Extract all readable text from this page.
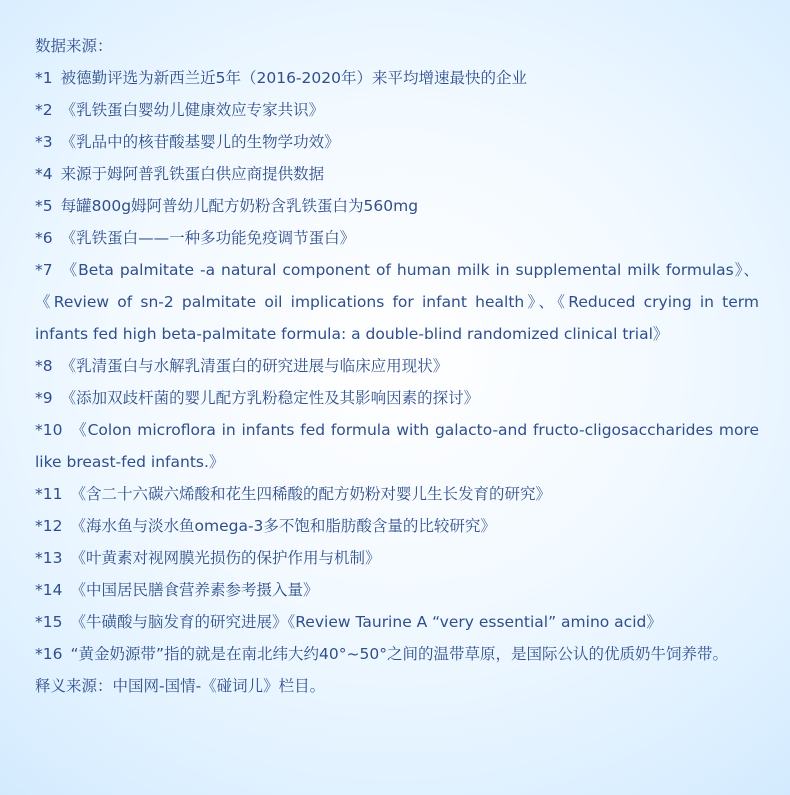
数据来源：
*1 被德勤评选为新西兰近5年（2016-2020年）来平均增速最快的企业
*2 《乳铁蛋白婴幼儿健康效应专家共识》
*3 《乳品中的核苷酸基婴儿的生物学功效》
*4 来源于姆阿普乳铁蛋白供应商提供数据
*5 每罐800g姆阿普幼儿配方奶粉含乳铁蛋白为560mg
*6 《乳铁蛋白——一种多功能免疫调节蛋白》
*7 《Beta palmitate -a natural component of human milk in supplemental milk formulas》、《Review of sn-2 palmitate oil implications for infant health》、《Reduced crying in term infants fed high beta-palmitate formula: a double-blind randomized clinical trial》
*8 《乳清蛋白与水解乳清蛋白的研究进展与临床应用现状》
*9 《添加双歧杆菌的婴儿配方乳粉稳定性及其影响因素的探讨》
*10 《Colon microflora in infants fed formula with galacto-and fructo-cligosaccharides more like breast-fed infants.》
*11 《含二十六碳六烯酸和花生四稀酸的配方奶粉对婴儿生长发育的研究》
*12 《海水鱼与淡水鱼omega-3多不饱和脂肪酸含量的比较研究》
*13 《叶黄素对视网膜光损伤的保护作用与机制》
*14 《中国居民膳食营养素参考摄入量》
*15 《牛磺酸与脑发育的研究进展》《Review Taurine A “very essential” amino acid》
*16 “黄金奶源带”指的就是在南北纬大约40°~50°之间的温带草原，是国际公认的优质奶牛饲养带。

释义来源：中国网-国情-《碰词儿》栏目。
